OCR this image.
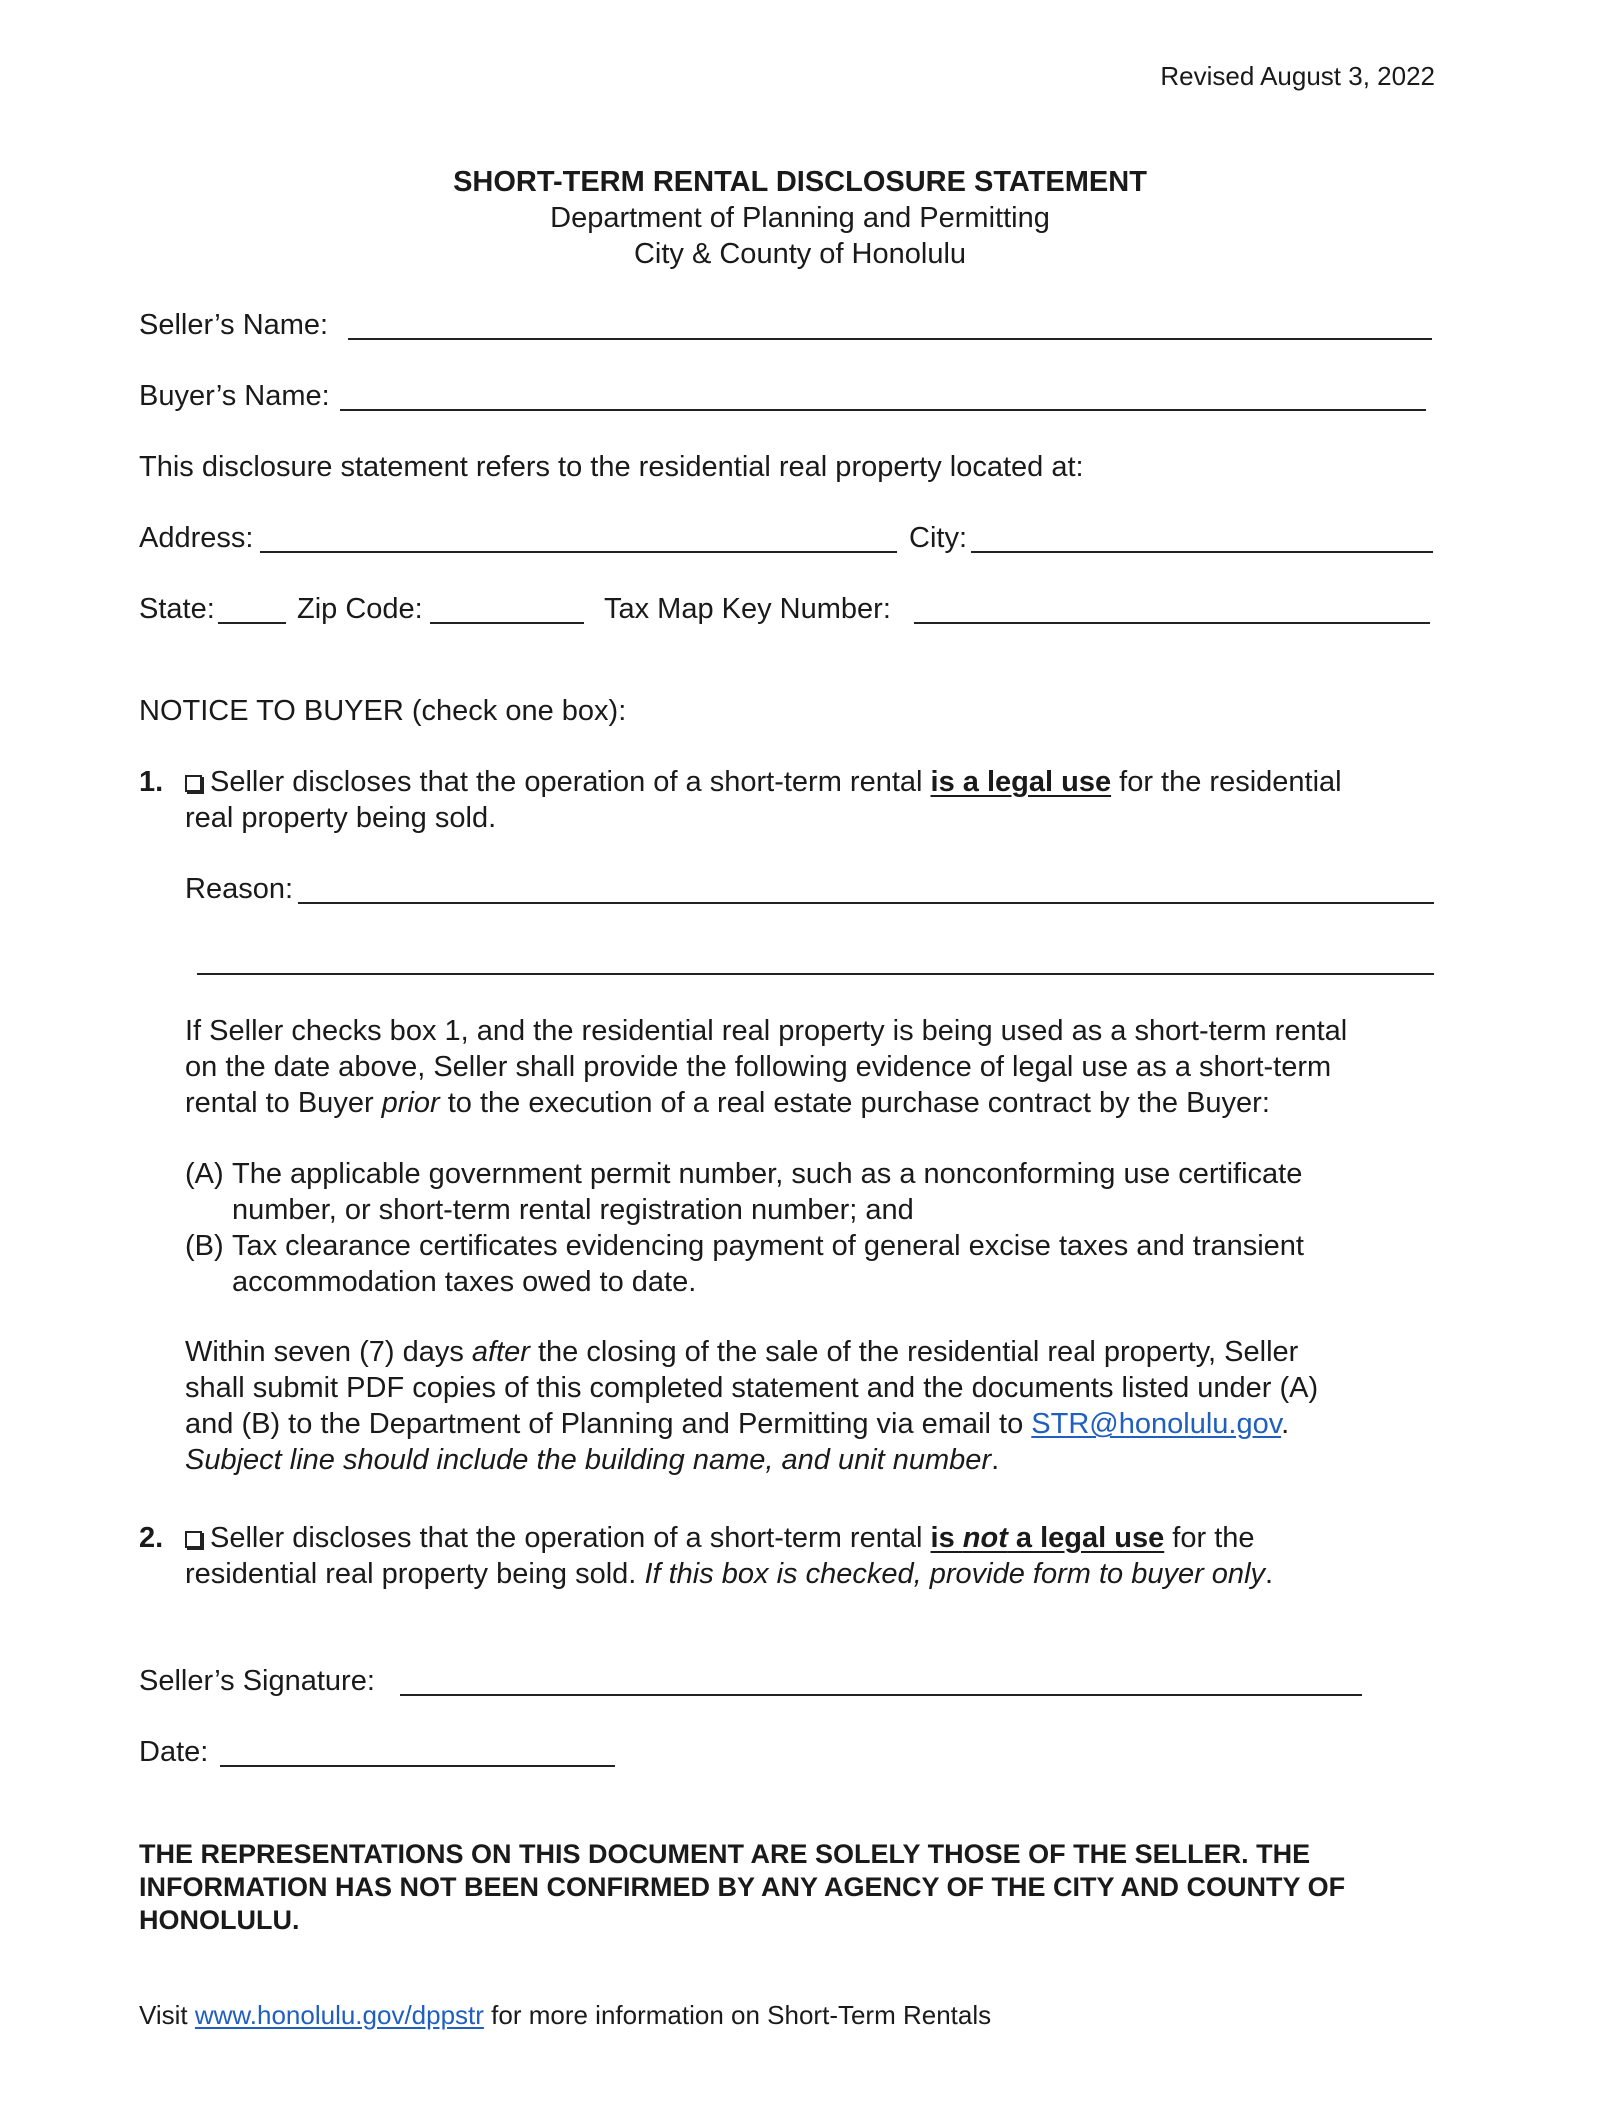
Revised August 3, 2022
SHORT-TERM RENTAL DISCLOSURE STATEMENT
Department of Planning and Permitting
City & County of Honolulu
Seller’s Name:
Buyer’s Name:
This disclosure statement refers to the residential real property located at:
Address:	City:
State:	Zip Code:	Tax Map Key Number:
NOTICE TO BUYER (check one box):
1.	Seller discloses that the operation of a short-term rental is a legal use for the residential
real property being sold.
Reason:
If Seller checks box 1, and the residential real property is being used as a short-term rental
on the date above, Seller shall provide the following evidence of legal use as a short-term
rental to Buyer prior to the execution of a real estate purchase contract by the Buyer:
(A) The applicable government permit number, such as a nonconforming use certificate
number, or short-term rental registration number; and
(B) Tax clearance certificates evidencing payment of general excise taxes and transient
accommodation taxes owed to date.
Within seven (7) days after the closing of the sale of the residential real property, Seller
shall submit PDF copies of this completed statement and the documents listed under (A)
and (B) to the Department of Planning and Permitting via email to STR@honolulu.gov.
Subject line should include the building name, and unit number.
2.	Seller discloses that the operation of a short-term rental is not a legal use for the
residential real property being sold. If this box is checked, provide form to buyer only.
Seller’s Signature:
Date:
THE REPRESENTATIONS ON THIS DOCUMENT ARE SOLELY THOSE OF THE SELLER. THE
INFORMATION HAS NOT BEEN CONFIRMED BY ANY AGENCY OF THE CITY AND COUNTY OF
HONOLULU.
Visit www.honolulu.gov/dppstr for more information on Short-Term Rentals
